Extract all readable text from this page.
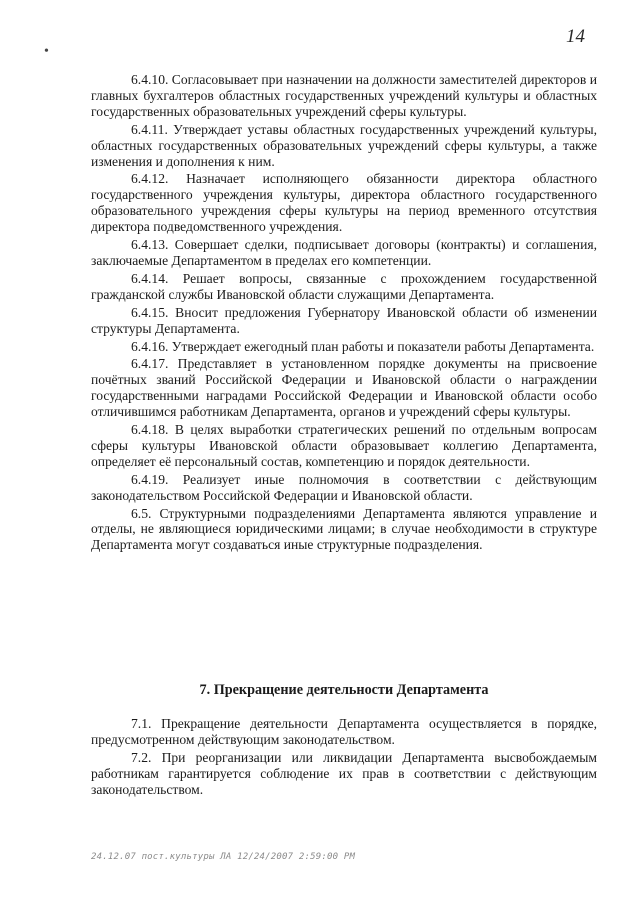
14
•

6.4.10. Согласовывает при назначении на должности заместителей директоров и главных бухгалтеров областных государственных учреждений культуры и областных государственных образовательных учреждений сферы культуры.

6.4.11. Утверждает уставы областных государственных учреждений культуры, областных государственных образовательных учреждений сферы культуры, а также изменения и дополнения к ним.

6.4.12. Назначает исполняющего обязанности директора областного государственного учреждения культуры, директора областного государственного образовательного учреждения сферы культуры на период временного отсутствия директора подведомственного учреждения.

6.4.13. Совершает сделки, подписывает договоры (контракты) и соглашения, заключаемые Департаментом в пределах его компетенции.

6.4.14. Решает вопросы, связанные с прохождением государственной гражданской службы Ивановской области служащими Департамента.

6.4.15. Вносит предложения Губернатору Ивановской области об изменении структуры Департамента.

6.4.16. Утверждает ежегодный план работы и показатели работы Департамента.

6.4.17. Представляет в установленном порядке документы на присвоение почётных званий Российской Федерации и Ивановской области о награждении государственными наградами Российской Федерации и Ивановской области особо отличившимся работникам Департамента, органов и учреждений сферы культуры.

6.4.18. В целях выработки стратегических решений по отдельным вопросам сферы культуры Ивановской области образовывает коллегию Департамента, определяет её персональный состав, компетенцию и порядок деятельности.

6.4.19. Реализует иные полномочия в соответствии с действующим законодательством Российской Федерации и Ивановской области.

6.5. Структурными подразделениями Департамента являются управление и отделы, не являющиеся юридическими лицами; в случае необходимости в структуре Департамента могут создаваться иные структурные подразделения.

7. Прекращение деятельности Департамента

7.1. Прекращение деятельности Департамента осуществляется в порядке, предусмотренном действующим законодательством.

7.2. При реорганизации или ликвидации Департамента высвобождаемым работникам гарантируется соблюдение их прав в соответствии с действующим законодательством.

24.12.07 пост.культуры ЛА 12/24/2007 2:59:00 PM
